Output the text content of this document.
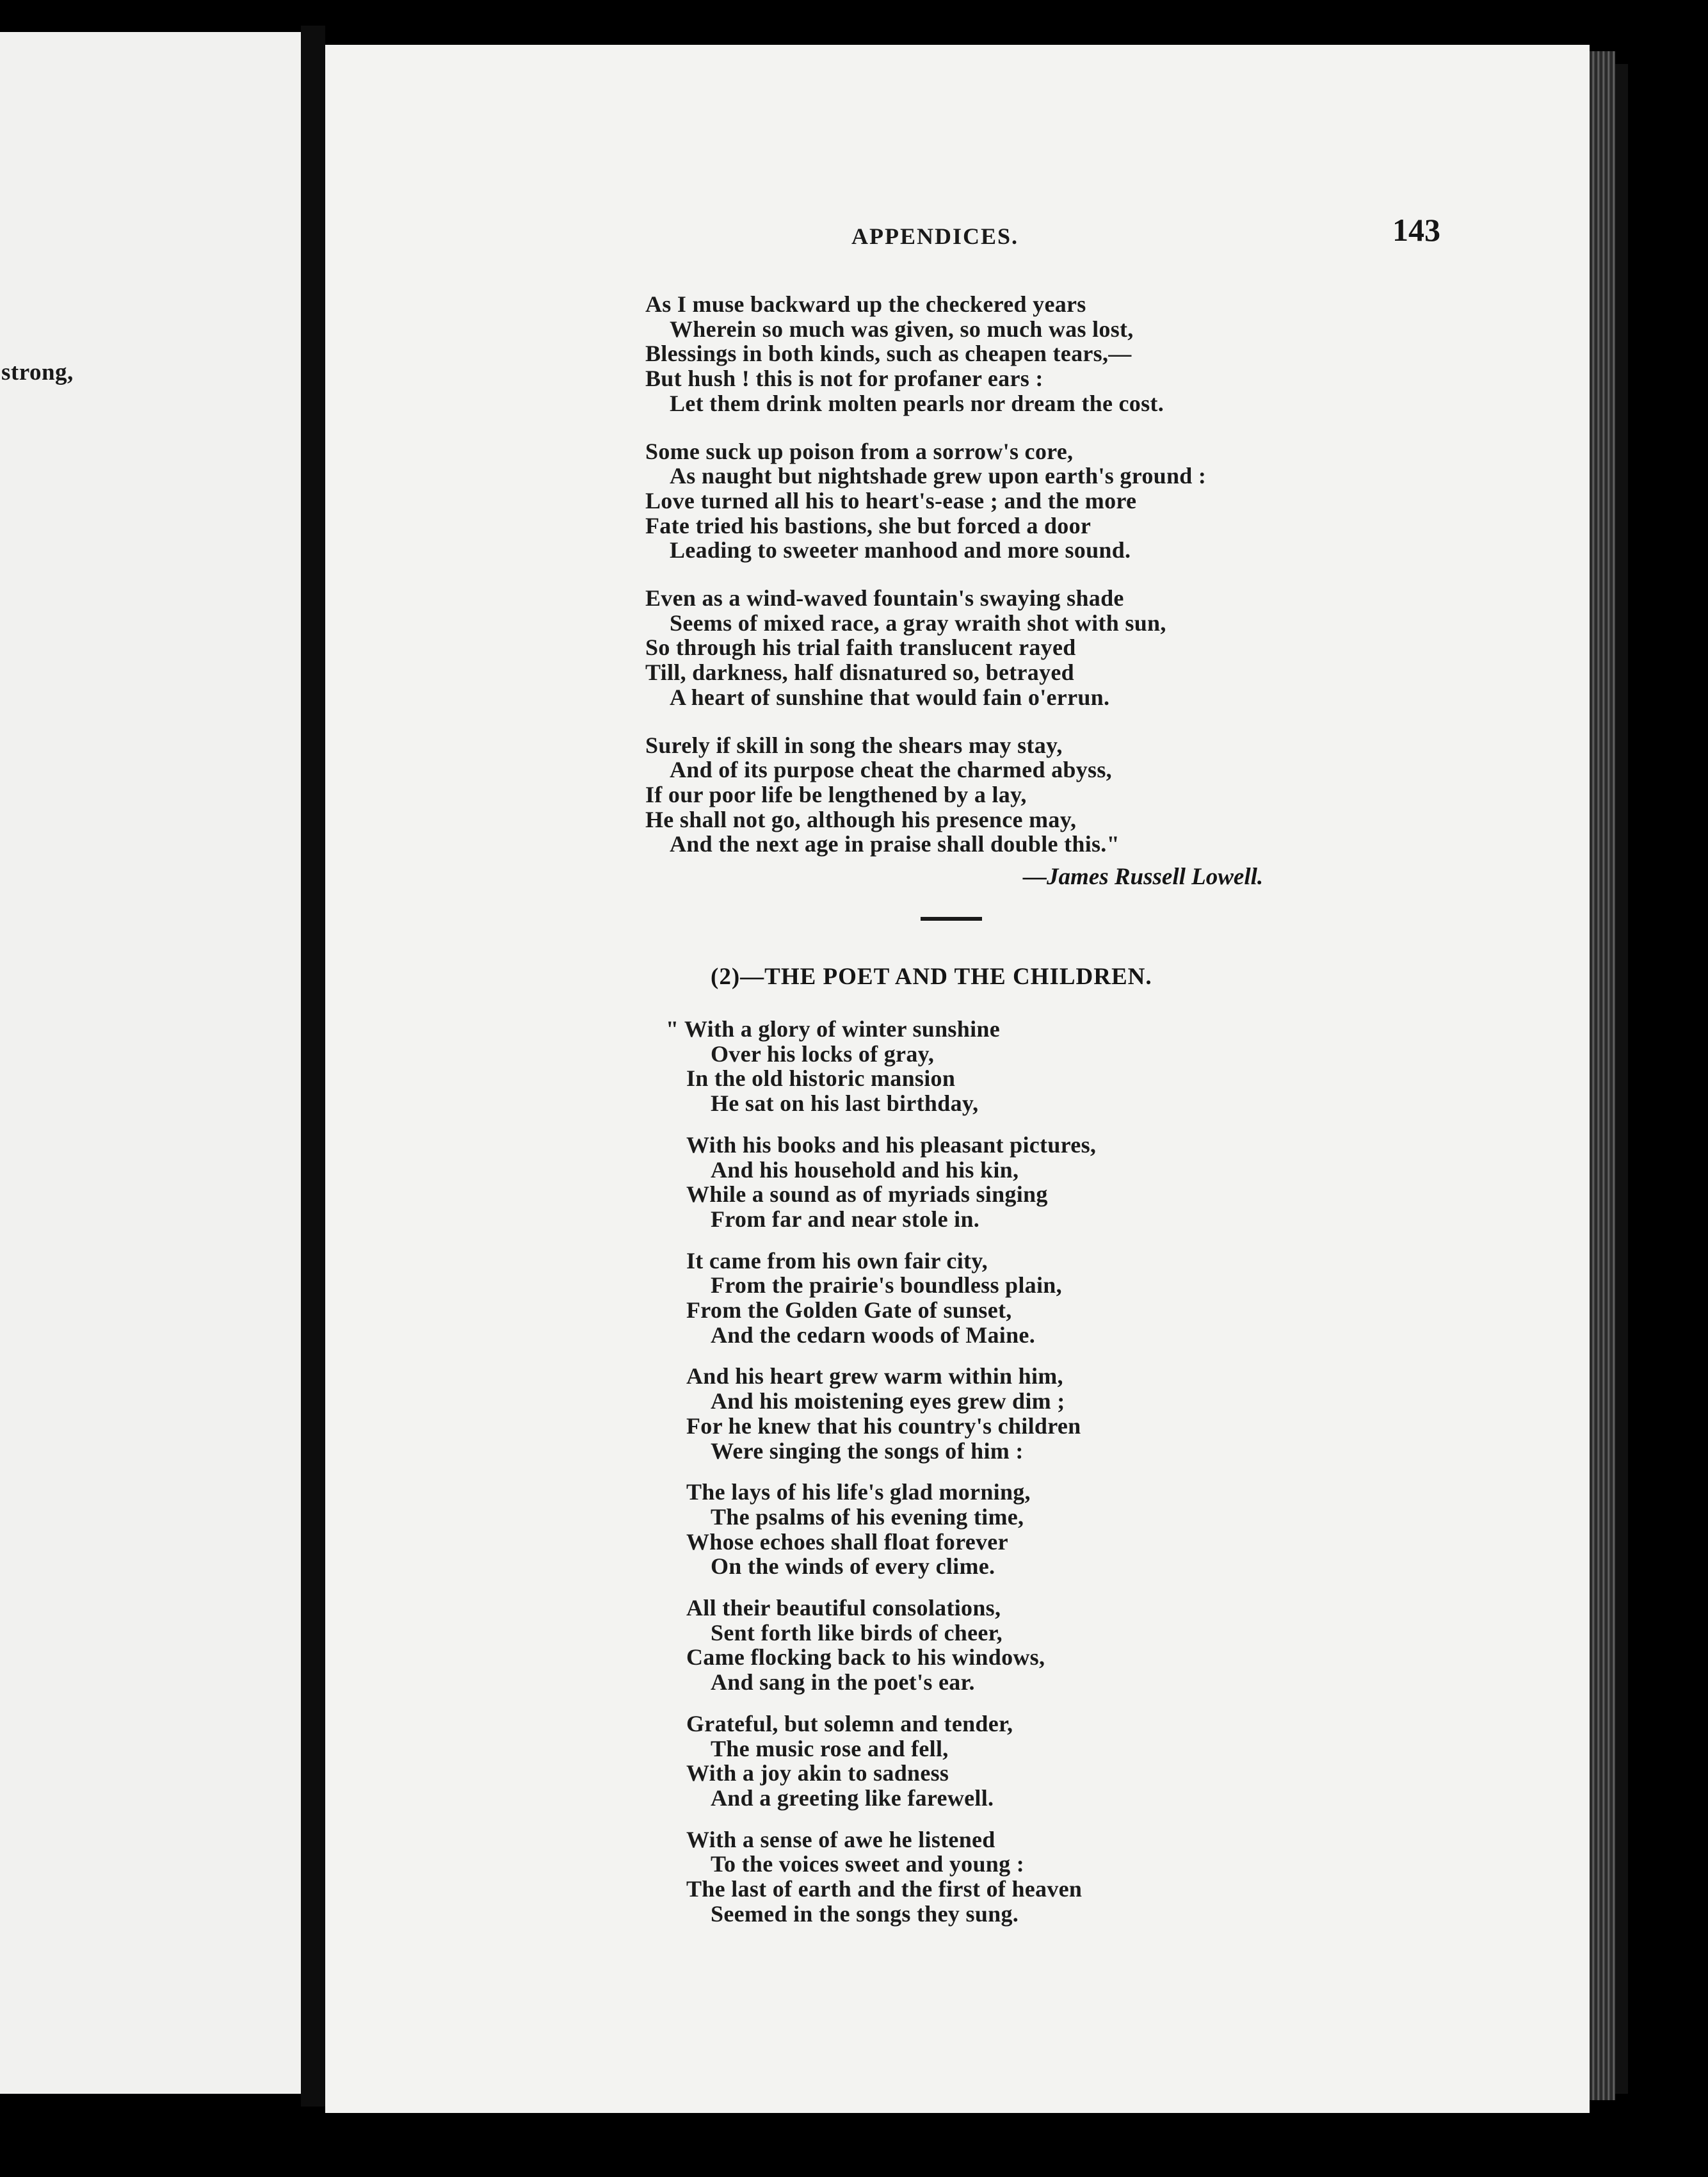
strong,
APPENDICES.	143
As I muse backward up the checkered years
Wherein so much was given, so much was lost,
Blessings in both kinds, such as cheapen tears,—
But hush ! this is not for profaner ears :
Let them drink molten pearls nor dream the cost.
Some suck up poison from a sorrow's core,
As naught but nightshade grew upon earth's ground :
Love turned all his to heart's-ease ; and the more
Fate tried his bastions, she but forced a door
Leading to sweeter manhood and more sound.
Even as a wind-waved fountain's swaying shade
Seems of mixed race, a gray wraith shot with sun,
So through his trial faith translucent rayed
Till, darkness, half disnatured so, betrayed
A heart of sunshine that would fain o'errun.
Surely if skill in song the shears may stay,
And of its purpose cheat the charmed abyss,
If our poor life be lengthened by a lay,
He shall not go, although his presence may,
And the next age in praise shall double this."
—James Russell Lowell.
(2)—THE POET AND THE CHILDREN.
" With a glory of winter sunshine
Over his locks of gray,
In the old historic mansion
He sat on his last birthday,
With his books and his pleasant pictures,
And his household and his kin,
While a sound as of myriads singing
From far and near stole in.
It came from his own fair city,
From the prairie's boundless plain,
From the Golden Gate of sunset,
And the cedarn woods of Maine.
And his heart grew warm within him,
And his moistening eyes grew dim ;
For he knew that his country's children
Were singing the songs of him :
The lays of his life's glad morning,
The psalms of his evening time,
Whose echoes shall float forever
On the winds of every clime.
All their beautiful consolations,
Sent forth like birds of cheer,
Came flocking back to his windows,
And sang in the poet's ear.
Grateful, but solemn and tender,
The music rose and fell,
With a joy akin to sadness
And a greeting like farewell.
With a sense of awe he listened
To the voices sweet and young :
The last of earth and the first of heaven
Seemed in the songs they sung.
